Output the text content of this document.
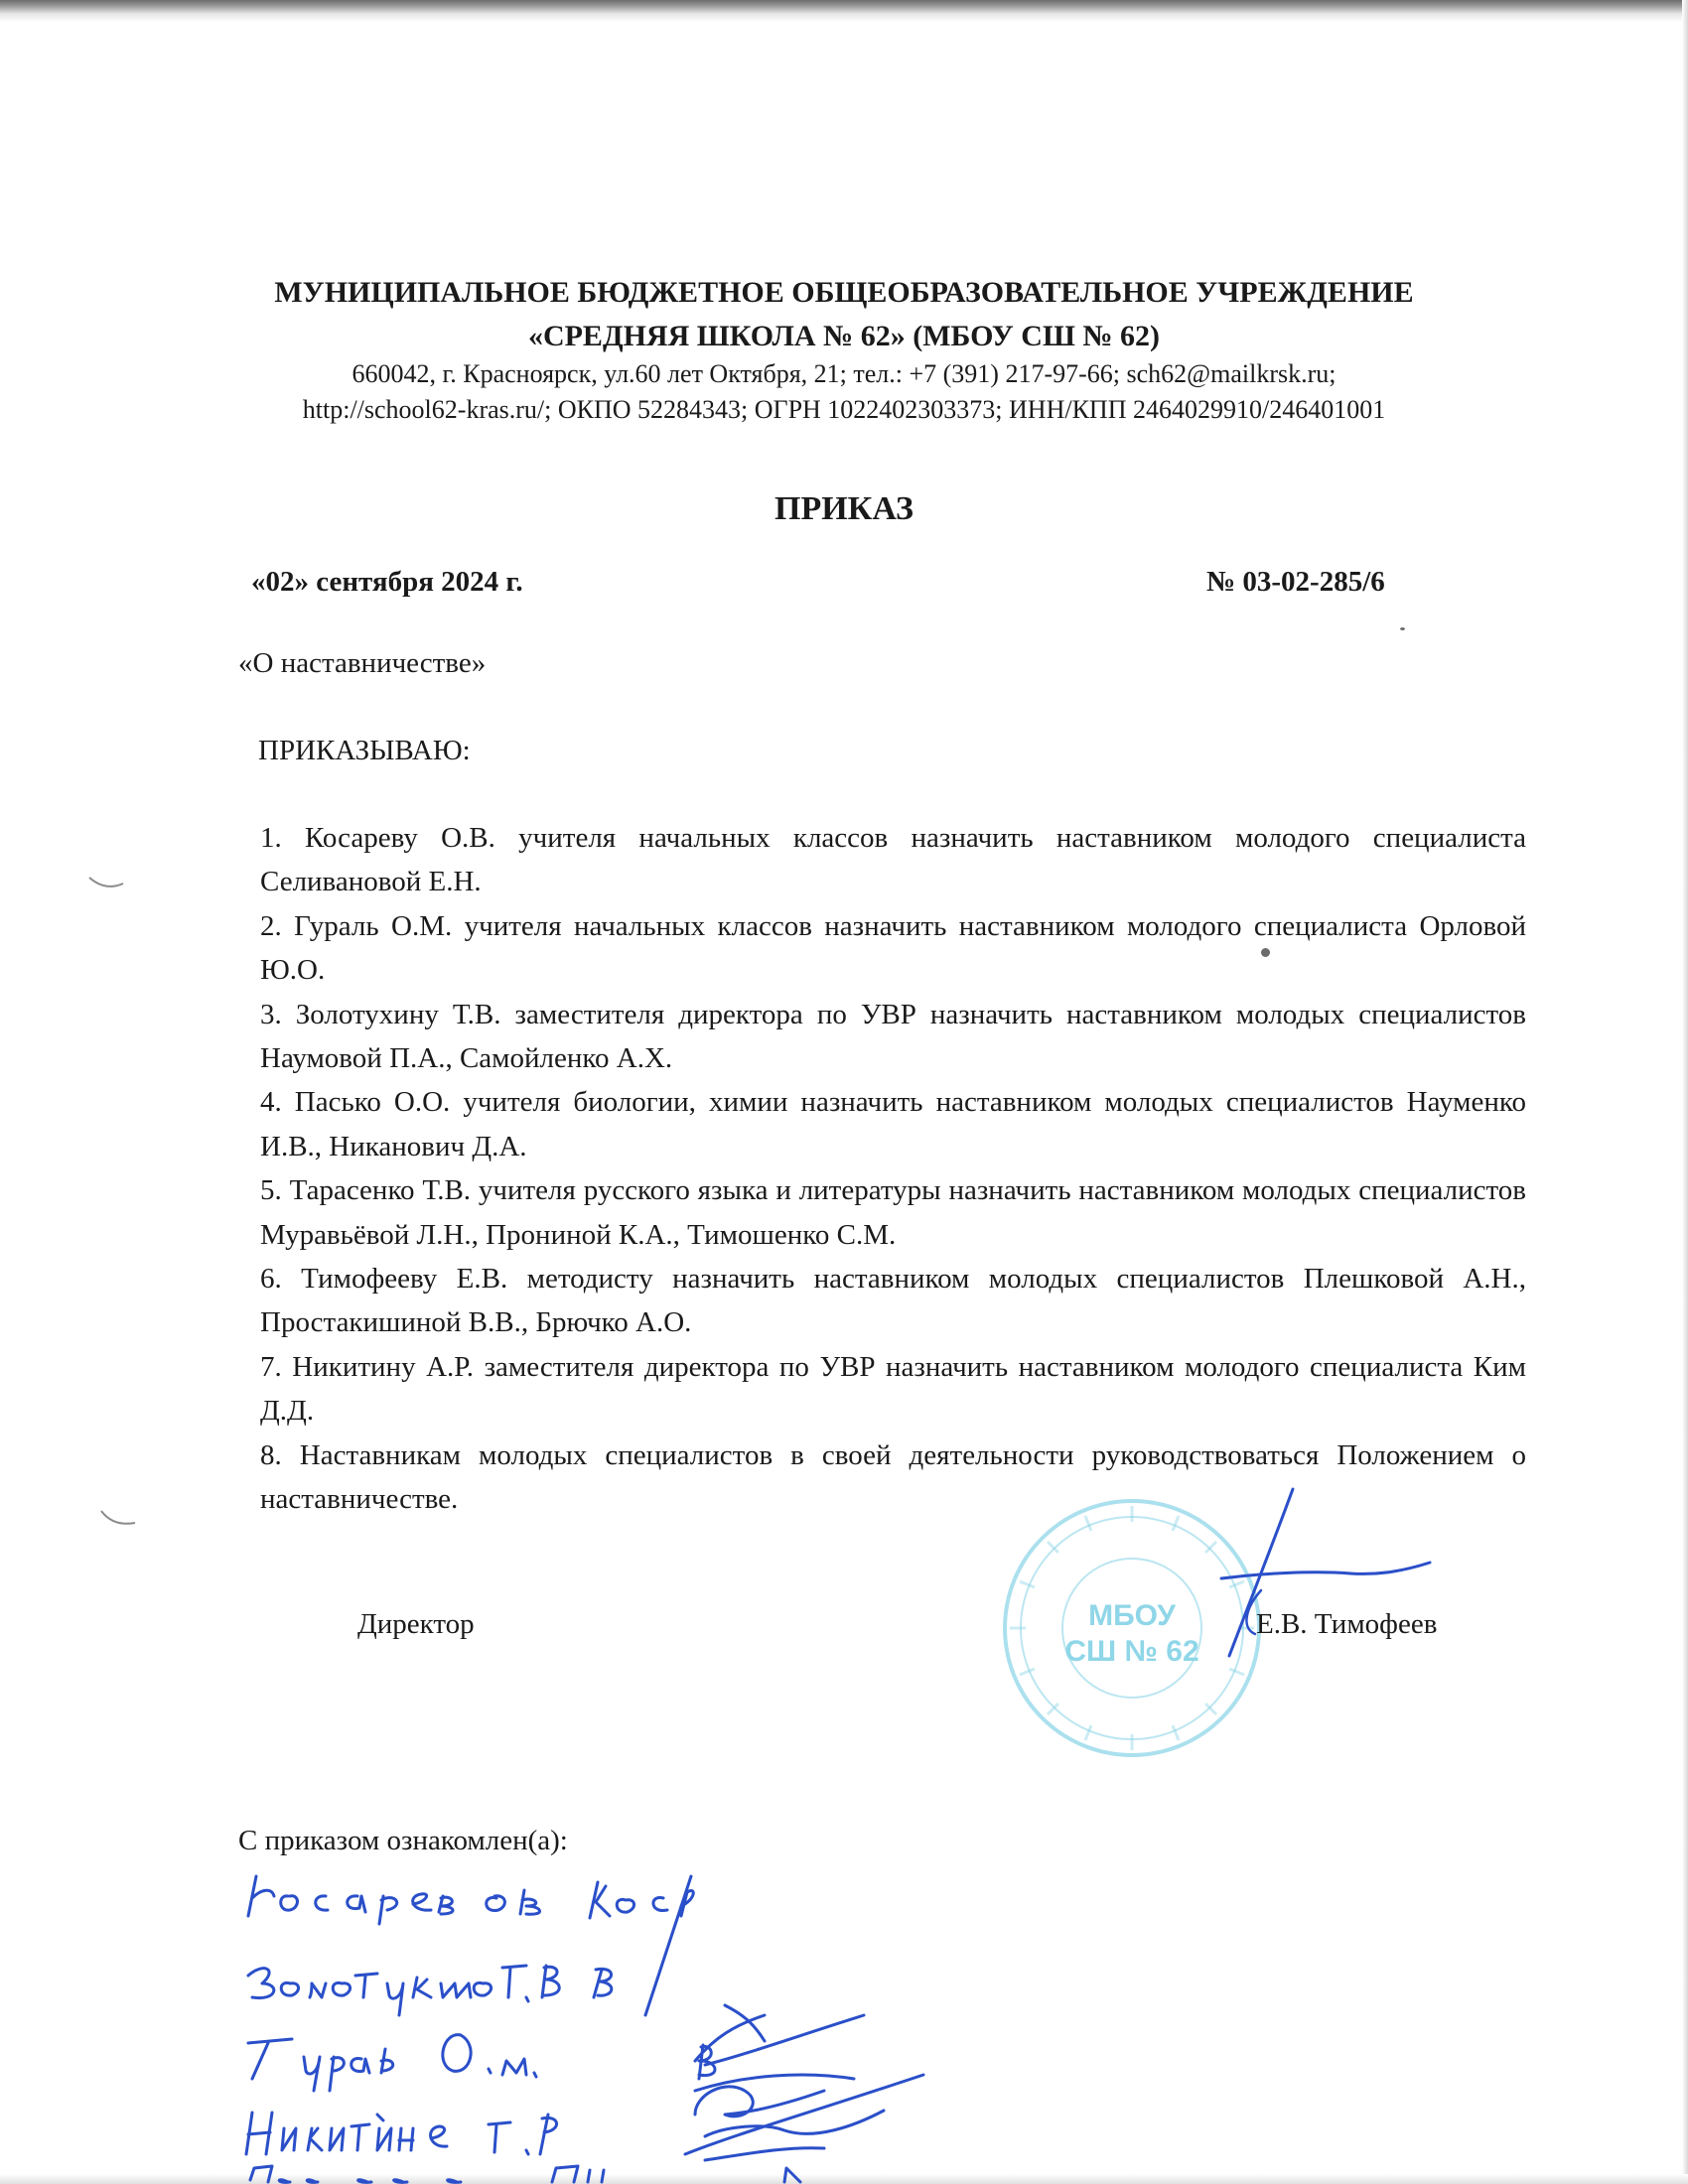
МУНИЦИПАЛЬНОЕ БЮДЖЕТНОЕ ОБЩЕОБРАЗОВАТЕЛЬНОЕ УЧРЕЖДЕНИЕ
«СРЕДНЯЯ ШКОЛА № 62» (МБОУ СШ № 62)
660042, г. Красноярск, ул.60 лет Октября, 21; тел.: +7 (391) 217-97-66; sch62@mailkrsk.ru;
http://school62-kras.ru/; ОКПО 52284343; ОГРН 1022402303373; ИНН/КПП 2464029910/246401001
ПРИКАЗ
«02» сентября 2024 г.	№ 03-02-285/6
«О наставничестве»
ПРИКАЗЫВАЮ:

1. Косареву О.В. учителя начальных классов назначить наставником молодого специалиста Селивановой Е.Н.

2. Гураль О.М. учителя начальных классов назначить наставником молодого специалиста Орловой Ю.О.

3. Золотухину Т.В. заместителя директора по УВР назначить наставником молодых специалистов Наумовой П.А., Самойленко А.Х.

4. Пасько О.О. учителя биологии, химии назначить наставником молодых специалистов Науменко И.В., Никанович Д.А.

5. Тарасенко Т.В. учителя русского языка и литературы назначить наставником молодых специалистов Муравьёвой Л.Н., Прониной К.А., Тимошенко С.М.

6. Тимофееву Е.В. методисту назначить наставником молодых специалистов Плешковой А.Н., Простакишиной В.В., Брючко А.О.

7. Никитину А.Р. заместителя директора по УВР назначить наставником молодого специалиста Ким Д.Д.

8. Наставникам молодых специалистов в своей деятельности руководствоваться Положением о наставничестве.

МБОУ
СШ № 62
Директор	Е.В. Тимофеев
С приказом ознакомлен(а):
